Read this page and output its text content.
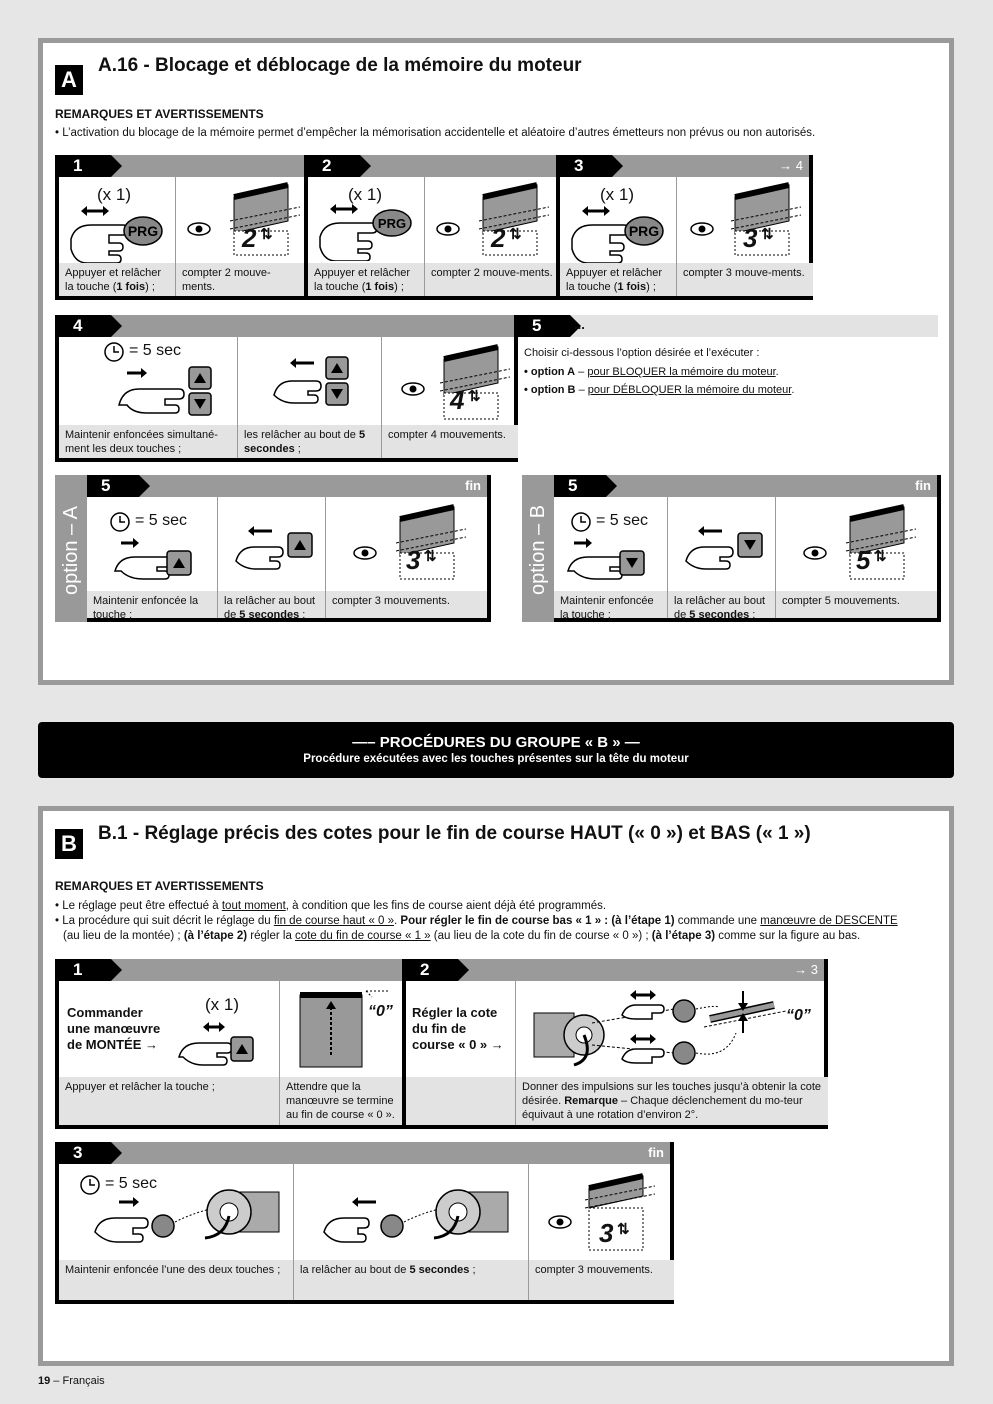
A
A.16 - Blocage et déblocage de la mémoire du moteur
REMARQUES ET AVERTISSEMENTS
• L’activation du blocage de la mémoire permet d’empêcher la mémorisation accidentelle et aléatoire d’autres émetteurs non prévus ou non autorisés.
1
(x 1)
PRG	2 ⇅
Appuyer et relâcher
la touche (1 fois) ;
compter 2 mouve-ments.
2
(x 1)
PRG	2 ⇅
Appuyer et relâcher
la touche (1 fois) ;
compter 2 mouve-ments.
3	→ 4
(x 1)
PRG	3 ⇅
Appuyer et relâcher
la touche (1 fois) ;
compter 3 mouve-ments.
4
= 5 sec
4 ⇅
Maintenir enfoncées simultané-ment les deux touches ;
les relâcher au bout de 5 secondes ;
compter 4 mouvements.
5	...
Choisir ci-dessous l’option désirée et l’exécuter :
• option A – pour BLOQUER la mémoire du moteur.
• option B – pour DÉBLOQUER la mémoire du moteur.
option – A
5	fin
= 5 sec
3 ⇅
Maintenir enfoncée la touche ;
la relâcher au bout de 5 secondes ;
compter 3 mouvements.
option – B
5	fin
= 5 sec
5 ⇅
Maintenir enfoncée la touche ;
la relâcher au bout de 5 secondes ;
compter 5 mouvements.
—– PROCÉDURES DU GROUPE « B » —
Procédure exécutées avec les touches présentes sur la tête du moteur
B	B.1 - Réglage précis des cotes pour le fin de course HAUT (« 0 ») et BAS (« 1 »)
REMARQUES ET AVERTISSEMENTS
• Le réglage peut être effectué à tout moment, à condition que les fins de course aient déjà été programmés.
• La procédure qui suit décrit le réglage du fin de course haut « 0 ». Pour régler le fin de course bas « 1 » : (à l’étape 1) commande une manœuvre de DESCENTE
(au lieu de la montée) ; (à l’étape 2) régler la cote du fin de course « 1 » (au lieu de la cote du fin de course « 0 ») ; (à l’étape 3) comme sur la figure au bas.
1
Commander une manœuvre de MONTÉE →
(x 1)	“0”
Appuyer et relâcher la touche ;	Attendre que la manœuvre se termine au fin de course « 0 ».
2	→ 3
Régler la cote du fin de course « 0 » →
“0”
Donner des impulsions sur les touches jusqu’à obtenir la cote désirée. Remarque – Chaque déclenchement du mo-teur équivaut à une rotation d’environ 2°.
3	fin
= 5 sec
3 ⇅
Maintenir enfoncée l’une des deux touches ;	la relâcher au bout de 5 secondes ;	compter 3 mouvements.
19 – Français
